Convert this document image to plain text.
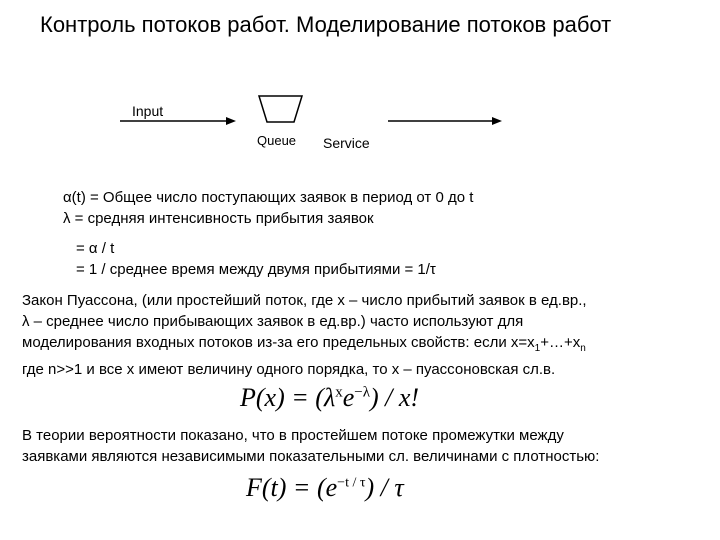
Контроль потоков работ. Моделирование потоков работ
Input
Queue Service

α(t) = Общее число поступающих заявок в период от 0 до t

λ = средняя интенсивность прибытия заявок

= α / t

= 1 / среднее время между двумя прибытиями = 1/τ

Закон Пуассона, (или простейший поток, где х – число прибытий заявок в ед.вр.,

λ – среднее число прибывающих заявок в ед.вр.) часто используют для

моделирования входных потоков из-за его предельных свойств: если $х=х_1+\dots+х_n$

где n>>1 и все х имеют величину одного порядка, то х – пуассоновская сл.в.

$P(x) = (\lambda^xe^{-\lambda}) / x$!

В теории вероятности показано, что в простейшем потоке промежутки между

заявками являются независимыми показательными сл. величинами с плотностью:

$F(t) = (e^{-t / \tau}) / \tau$
